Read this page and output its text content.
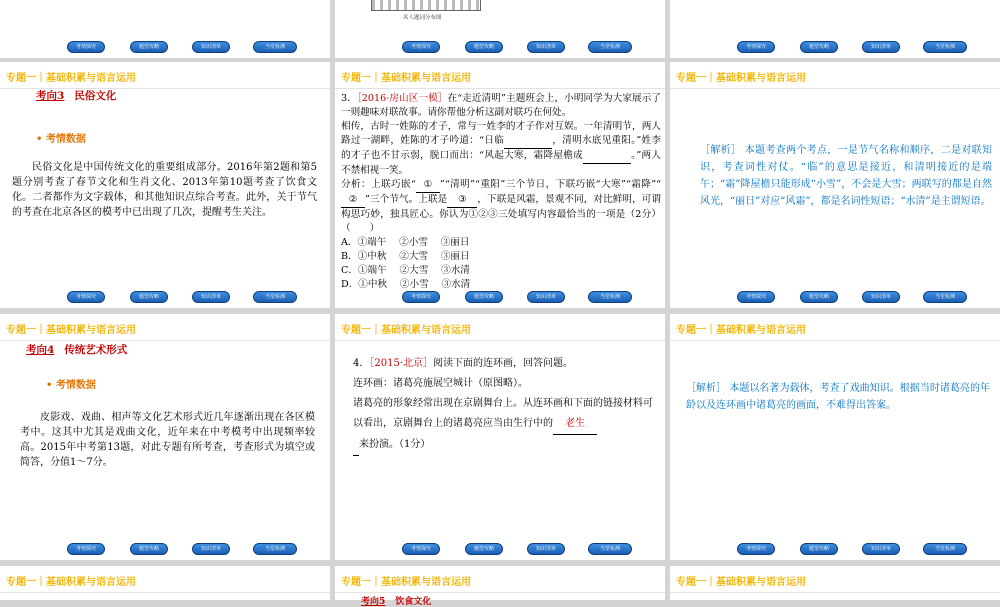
考情探究	题型攻略	知识清单	当堂检测
名人题词分布图
考情探究	题型攻略	知识清单	当堂检测	考情探究	题型攻略	知识清单	当堂检测
专题一｜基础积累与语言运用
考向3 民俗文化
• 考情数据

民俗文化是中国传统文化的重要组成部分。2016年第2题和第5题分别考查了春节文化和生肖文化、2013年第10题考查了饮食文化。二者都作为文字载体，和其他知识点综合考查。此外，关于节气的考查在北京各区的模考中已出现了几次，提醒考生关注。

考情探究	题型攻略	知识清单	当堂检测
专题一｜基础积累与语言运用
3．［2016·房山区一模］在“走近清明”主题班会上，小明同学为大家展示了一则趣味对联故事。请你帮他分析这副对联巧在何处。
相传，古时一姓陈的才子，常与一姓李的才子作对互娱。一年清明节，两人路过一湖畔，姓陈的才子吟道：“日临	，清明水底见重阳。”姓李的才子也不甘示弱，脱口而出：“风起大寒，霜降屋檐成	。”两人不禁相视一笑。
分析：上联巧嵌“ ① ”“清明”“重阳”三个节日，下联巧嵌“大寒”“霜降”“② ”三个节气。上联是 ③ ，下联是风霜，景观不同，对比鲜明，可谓构思巧妙，独具匠心。你认为①②③三处填写内容最恰当的一项是（2分）（　　）
A．①端午　 ②小雪　 ③丽日
B．①中秋　 ②大雪　 ③丽日
C．①端午　 ②大雪　 ③水清
D．①中秋　 ②小雪　 ③水清
考情探究	题型攻略	知识清单	当堂检测
专题一｜基础积累与语言运用

［解析］ 本题考查两个考点，一是节气名称和顺序，二是对联知识，考查词性对仗。“临”的意思是接近，和清明接近的是端午；“霜”降屋檐只能形成“小雪”，不会是大雪；两联写的都是自然风光，“丽日”对应“风霜”，都是名词性短语；“水清”是主谓短语。

考情探究	题型攻略	知识清单	当堂检测
专题一｜基础积累与语言运用
考向4 传统艺术形式
• 考情数据

皮影戏、戏曲、相声等文化艺术形式近几年逐渐出现在各区模考中。这其中尤其是戏曲文化，近年来在中考模考中出现频率较高。2015年中考第13题，对此专题有所考查，考查形式为填空或简答，分值1～7分。

考情探究	题型攻略	知识清单	当堂检测
专题一｜基础积累与语言运用
4．［2015·北京］阅读下面的连环画，回答问题。
连环画：诸葛亮施展空城计（原图略）。
诸葛亮的形象经常出现在京剧舞台上。从连环画和下面的链接材料可以看出，京剧舞台上的诸葛亮应当由生行中的 老生
来扮演。（1分）
考情探究	题型攻略	知识清单	当堂检测
专题一｜基础积累与语言运用

［解析］ 本题以名著为载体，考查了戏曲知识。根据当时诸葛亮的年龄以及连环画中诸葛亮的画面，不难得出答案。

考情探究	题型攻略	知识清单	当堂检测
专题一｜基础积累与语言运用	专题一｜基础积累与语言运用
考向5 饮食文化
专题一｜基础积累与语言运用
